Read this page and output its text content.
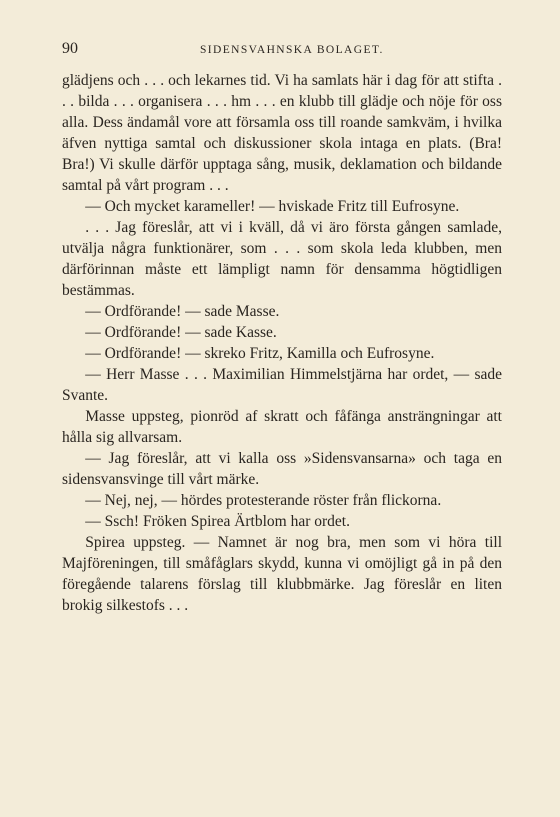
90	SIDENSVAHNSKA BOLAGET.

glädjens och . . . och lekarnes tid. Vi ha samlats här i dag för att stifta . . . bilda . . . organisera . . . hm . . . en klubb till glädje och nöje för oss alla. Dess ändamål vore att församla oss till roande samkväm, i hvilka äfven nyttiga samtal och diskussioner skola intaga en plats. (Bra! Bra!) Vi skulle därför upptaga sång, musik, deklamation och bildande samtal på vårt program . . .

— Och mycket karameller! — hviskade Fritz till Eufrosyne.

. . . Jag föreslår, att vi i kväll, då vi äro första gången samlade, utvälja några funktionärer, som . . . som skola leda klubben, men därförinnan måste ett lämpligt namn för densamma högtidligen bestämmas.

— Ordförande! — sade Masse.

— Ordförande! — sade Kasse.

— Ordförande! — skreko Fritz, Kamilla och Eufrosyne.

— Herr Masse . . . Maximilian Himmelstjärna har ordet, — sade Svante.

Masse uppsteg, pionröd af skratt och fåfänga ansträngningar att hålla sig allvarsam.

— Jag föreslår, att vi kalla oss »Sidensvansarna» och taga en sidensvansvinge till vårt märke.

— Nej, nej, — hördes protesterande röster från flickorna.

— Ssch! Fröken Spirea Ärtblom har ordet.

Spirea uppsteg. — Namnet är nog bra, men som vi höra till Majföreningen, till småfåglars skydd, kunna vi omöjligt gå in på den föregående talarens förslag till klubbmärke. Jag föreslår en liten brokig silkestofs . . .
